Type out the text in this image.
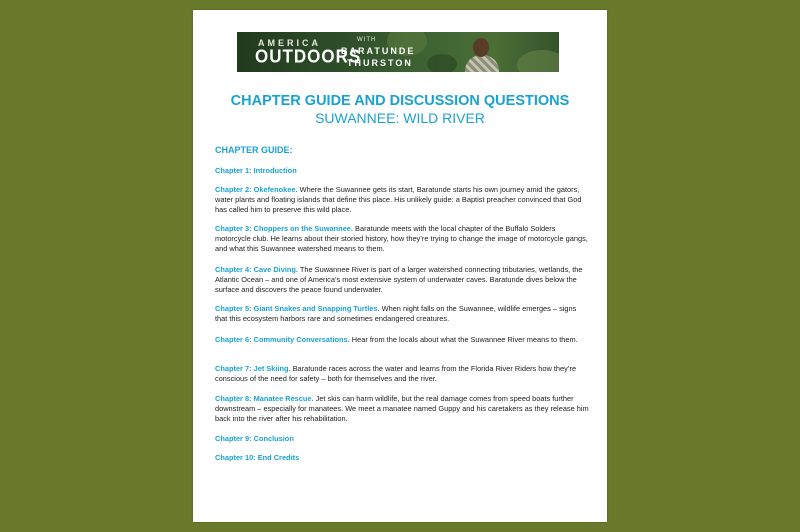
AMERICA
OUTDOORS
WITH
BARATUNDE
THURSTON
CHAPTER GUIDE AND DISCUSSION QUESTIONS
SUWANNEE: WILD RIVER
CHAPTER GUIDE:
Chapter 1: Introduction
Chapter 2: Okefenokee. Where the Suwannee gets its start, Baratunde starts his own journey amid the gators, water plants and floating islands that define this place. His unlikely guide: a Baptist preacher convinced that God has called him to preserve this wild place.
Chapter 3: Choppers on the Suwannee. Baratunde meets with the local chapter of the Buffalo Solders motorcycle club. He learns about their storied history, how they’re trying to change the image of motorcycle gangs, and what this Suwannee watershed means to them.
Chapter 4: Cave Diving. The Suwannee River is part of a larger watershed connecting tributaries, wetlands, the Atlantic Ocean – and one of America’s most extensive system of underwater caves. Baratunde dives below the surface and discovers the peace found underwater.
Chapter 5: Giant Snakes and Snapping Turtles. When night falls on the Suwannee, wildlife emerges – signs that this ecosystem harbors rare and sometimes endangered creatures.
Chapter 6: Community Conversations. Hear from the locals about what the Suwannee River means to them.
Chapter 7: Jet Skiing. Baratunde races across the water and learns from the Florida River Riders how they’re conscious of the need for safety – both for themselves and the river.
Chapter 8: Manatee Rescue. Jet skis can harm wildlife, but the real damage comes from speed boats further downstream – especially for manatees. We meet a manatee named Guppy and his caretakers as they release him back into the river after his rehabilitation.
Chapter 9: Conclusion
Chapter 10: End Credits
